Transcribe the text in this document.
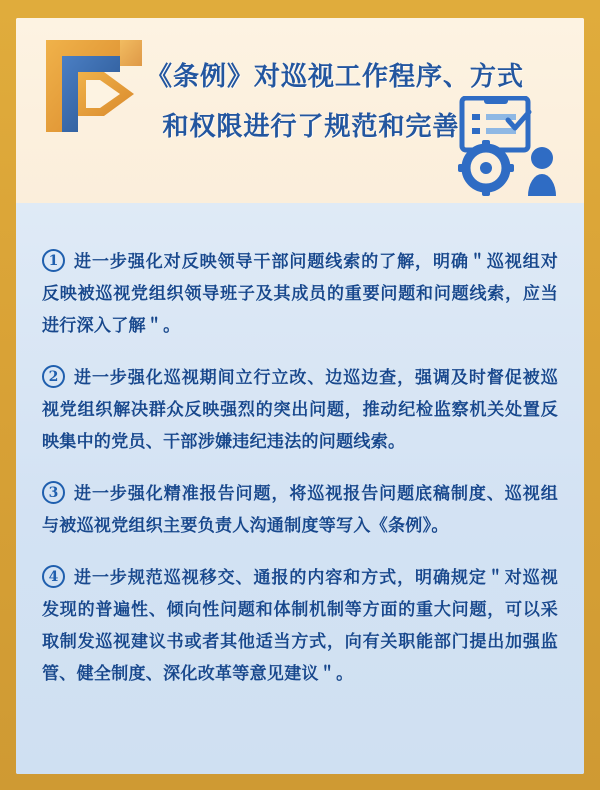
《条例》对巡视工作程序、方式
和权限进行了规范和完善
1 进一步强化对反映领导干部问题线索的了解，明确＂巡视组对反映被巡视党组织领导班子及其成员的重要问题和问题线索，应当进行深入了解＂。

2 进一步强化巡视期间立行立改、边巡边查，强调及时督促被巡视党组织解决群众反映强烈的突出问题，推动纪检监察机关处置反映集中的党员、干部涉嫌违纪违法的问题线索。

3 进一步强化精准报告问题，将巡视报告问题底稿制度、巡视组与被巡视党组织主要负责人沟通制度等写入《条例》。

4 进一步规范巡视移交、通报的内容和方式，明确规定＂对巡视发现的普遍性、倾向性问题和体制机制等方面的重大问题，可以采取制发巡视建议书或者其他适当方式，向有关职能部门提出加强监管、健全制度、深化改革等意见建议＂。
